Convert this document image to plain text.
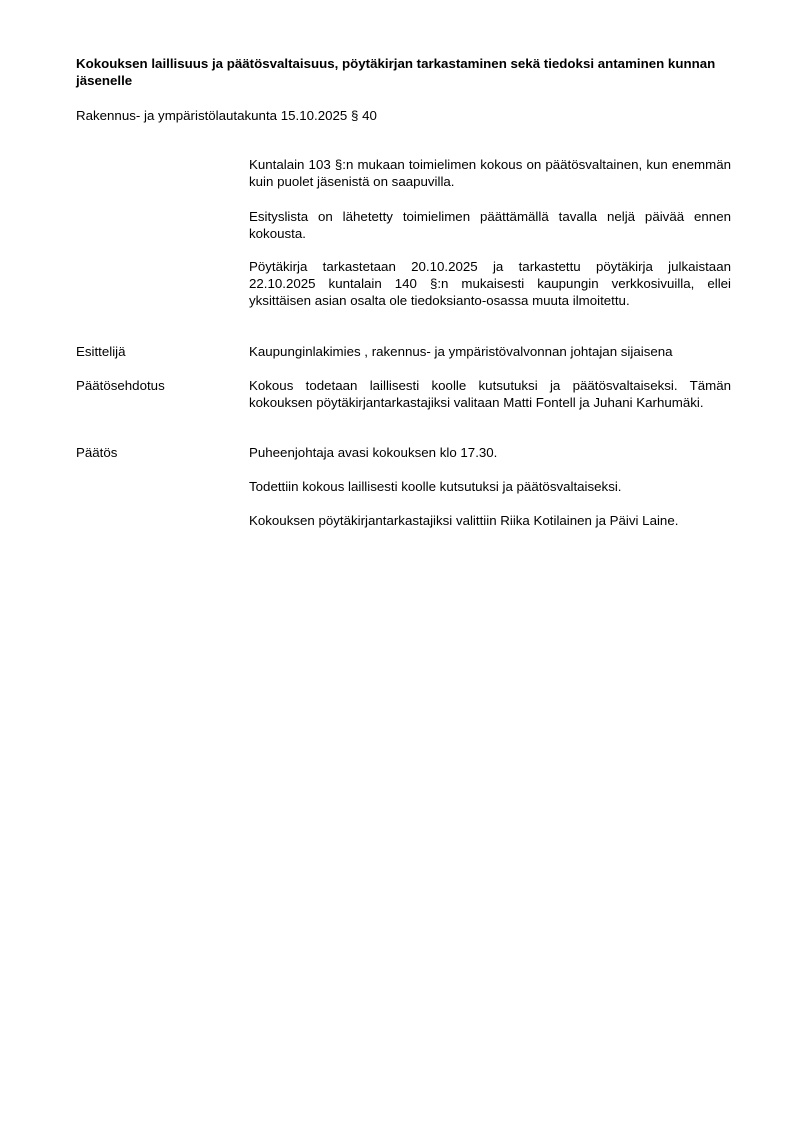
Kokouksen laillisuus ja päätösvaltaisuus, pöytäkirjan tarkastaminen sekä tiedoksi antaminen kunnan jäsenelle
Rakennus- ja ympäristölautakunta 15.10.2025 § 40
Kuntalain 103 §:n mukaan toimielimen kokous on päätösvaltainen, kun enemmän kuin puolet jäsenistä on saapuvilla.
Esityslista on lähetetty toimielimen päättämällä tavalla neljä päivää ennen kokousta.
Pöytäkirja tarkastetaan 20.10.2025 ja tarkastettu pöytäkirja julkaistaan 22.10.2025 kuntalain 140 §:n mukaisesti kaupungin verkkosivuilla, ellei yksittäisen asian osalta ole tiedoksianto-osassa muuta ilmoitettu.
Esittelijä	Kaupunginlakimies , rakennus- ja ympäristövalvonnan johtajan sijaisena
Päätösehdotus	Kokous todetaan laillisesti koolle kutsutuksi ja päätösvaltaiseksi. Tämän kokouksen pöytäkirjantarkastajiksi valitaan Matti Fontell ja Juhani Karhumäki.
Päätös	Puheenjohtaja avasi kokouksen klo 17.30.
Todettiin kokous laillisesti koolle kutsutuksi ja päätösvaltaiseksi.
Kokouksen pöytäkirjantarkastajiksi valittiin Riika Kotilainen ja Päivi Laine.
